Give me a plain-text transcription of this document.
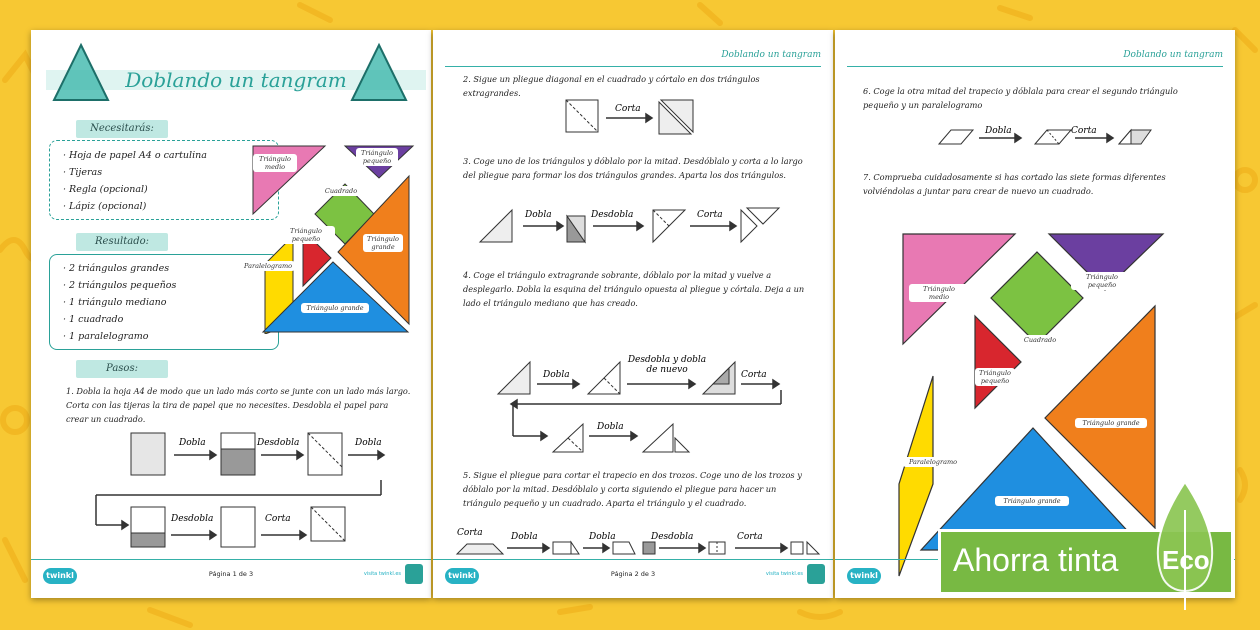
Doblando un tangram
Necesitarás:
· Hoja de papel A4 o cartulina
· Tijeras
· Regla (opcional)
· Lápiz (opcional)
Resultado:
· 2 triángulos grandes
· 2 triángulos pequeños
· 1 triángulo mediano
· 1 cuadrado
· 1 paralelogramo
Triángulo medio
Triángulo pequeño
Cuadrado
Triángulo pequeño	Triángulo grande
Paralelogramo
Triángulo grande
Pasos:
1. Dobla la hoja A4 de modo que un lado más corto se junte con un lado más largo. Corta con las tijeras la tira de papel que no necesites. Desdobla el papel para crear un cuadrado.
Dobla	Desdobla	Dobla
Desdobla	Corta
twinkl	Página 1 de 3	visita twinkl.es
Doblando un tangram
2. Sigue un pliegue diagonal en el cuadrado y córtalo en dos triángulos extragrandes.
Corta
3. Coge uno de los triángulos y dóblalo por la mitad. Desdóblalo y corta a lo largo del pliegue para formar los dos triángulos grandes. Aparta los dos triángulos.
Dobla	Desdobla	Corta
4. Coge el triángulo extragrande sobrante, dóblalo por la mitad y vuelve a desplegarlo. Dobla la esquina del triángulo opuesta al pliegue y córtala. Deja a un lado el triángulo mediano que has creado.
Dobla
Desdobla y dobla de nuevo	Corta
Dobla
5. Sigue el pliegue para cortar el trapecio en dos trozos. Coge uno de los trozos y dóblalo por la mitad. Desdóblalo y corta siguiendo el pliegue para hacer un triángulo pequeño y un cuadrado. Aparta el triángulo y el cuadrado.
Corta	Dobla	Dobla	Desdobla	Corta
twinkl	Página 2 de 3	visita twinkl.es
Doblando un tangram
6. Coge la otra mitad del trapecio y dóblala para crear el segundo triángulo pequeño y un paralelogramo
Dobla	Corta
7. Comprueba cuidadosamente si has cortado las siete formas diferentes volviéndolas a juntar para crear de nuevo un cuadrado.
Triángulo medio
Triángulo pequeño
Cuadrado
Triángulo pequeño
Triángulo grande
Paralelogramo
Triángulo grande
twinkl Ahorra tinta Eco
